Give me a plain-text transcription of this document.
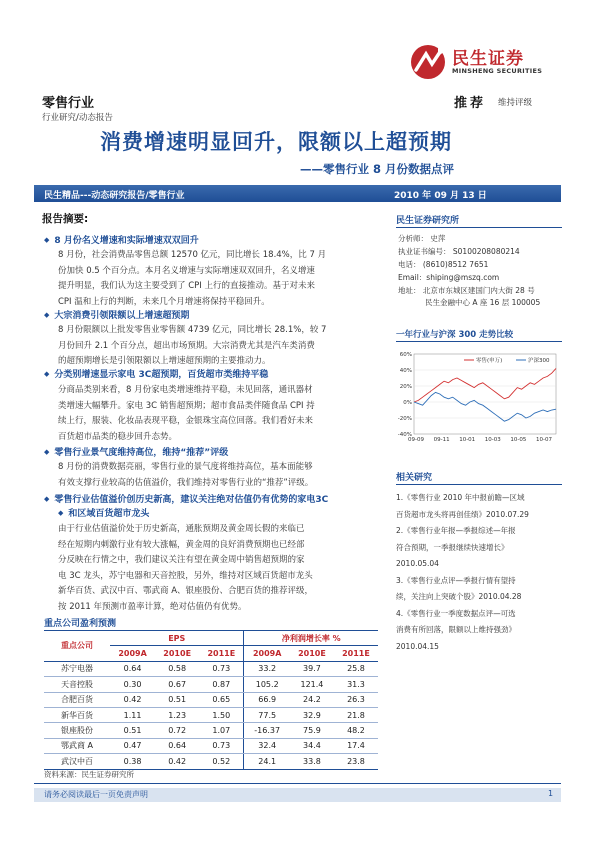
民生证券
MINSHENG SECURITIES
零售行业
行业研究/动态报告
推荐 维持评级
消费增速明显回升，限额以上超预期
——零售行业 8 月份数据点评
民生精品---动态研究报告/零售行业	2010 年 09 月 13 日
报告摘要:
◆ 8 月份名义增速和实际增速双双回升
8 月份，社会消费品零售总额 12570 亿元，同比增长 18.4%，比 7 月
份加快 0.5 个百分点。本月名义增速与实际增速双双回升，名义增速
提升明显，我们认为这主要受到了 CPI 上行的直接推动。基于对未来
CPI 温和上行的判断，未来几个月增速将保持平稳回升。
◆ 大宗消费引领限额以上增速超预期
8 月份限额以上批发零售业零售额 4739 亿元，同比增长 28.1%，较 7
月份回升 2.1 个百分点，超出市场预期。大宗消费尤其是汽车类消费
的超预期增长是引领限额以上增速超预期的主要推动力。
◆ 分类别增速显示家电 3C超预期，百货超市类维持平稳
分商品类别来看，8 月份家电类增速维持平稳，未见回落，通讯器材
类增速大幅攀升。家电 3C 销售超预期；超市食品类伴随食品 CPI 持
续上行，服装、化妆品表现平稳，金银珠宝高位回落。我们看好未来
百货超市品类的稳步回升态势。
◆ 零售行业景气度维持高位，维持“推荐”评级
8 月份的消费数据亮丽，零售行业的景气度将维持高位，基本面能够
有效支撑行业较高的估值溢价，我们维持对零售行业的“推荐”评级。
◆ 零售行业估值溢价创历史新高，建议关注绝对估值仍有优势的家电3C
◆ 和区域百货超市龙头
由于行业估值溢价处于历史新高，通胀预期及黄金周长假的来临已
经在短期内刺激行业有较大涨幅，黄金周的良好消费预期也已经部
分反映在行情之中，我们建议关注有望在黄金周中销售超预期的家
电 3C 龙头，苏宁电器和天音控股，另外，维持对区域百货超市龙头
新华百货、武汉中百、鄂武商 A、银座股份、合肥百货的推荐评级，
按 2011 年预测市盈率计算，绝对估值仍有优势。
重点公司盈利预测
重点公司	EPS			净利润增长率 %		
	2009A	2010E	2011E	2009A	2010E	2011E
苏宁电器	0.64	0.58	0.73	33.2	39.7	25.8
天音控股	0.30	0.67	0.87	105.2	121.4	31.3
合肥百货	0.42	0.51	0.65	66.9	24.2	26.3
新华百货	1.11	1.23	1.50	77.5	32.9	21.8
银座股份	0.51	0.72	1.07	-16.37	75.9	48.2
鄂武商 A	0.47	0.64	0.73	32.4	34.4	17.4
武汉中百	0.38	0.42	0.52	24.1	33.8	23.8
资料来源：民生证券研究所
请务必阅读最后一页免责声明	1
民生证券研究所
分析师： 史萍
执业证书编号： S0100208080214
电话： (8610)8512 7651
Email：shiping@mszq.com
地址： 北京市东城区建国门内大街 28 号
民生金融中心 A 座 16 层 100005
一年行业与沪深 300 走势比较
60%
40%
20%
0%
-20%
-40%
09-09 09-11 10-01 10-03 10-05 10-07
零售(申万)	沪深300
相关研究
1.《零售行业 2010 年中报前瞻—区域
百货超市龙头将再创佳绩》2010.07.29
2.《零售行业年报—季报综述—年报
符合预期，一季报继续快速增长》
2010.05.04
3.《零售行业点评—季报行情有望持
续，关注向上突破个股》2010.04.28
4.《零售行业一季度数据点评—可选
消费有所回落，限额以上维持强劲》
2010.04.15
